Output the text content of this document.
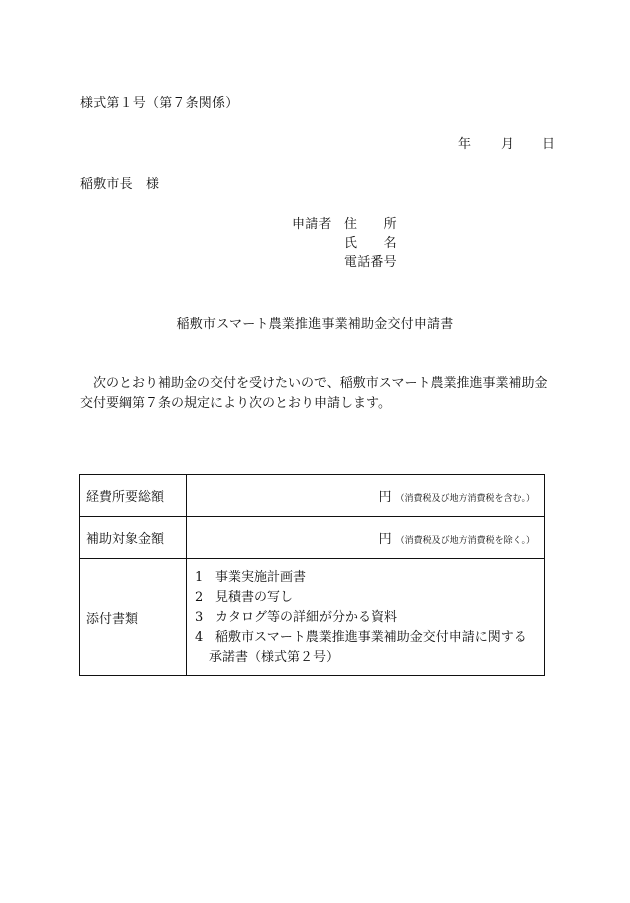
様式第１号（第７条関係）
年 月 日
稲敷市長　様
申請者 住　　所
氏　　名
電話番号
稲敷市スマート農業推進事業補助金交付申請書
次のとおり補助金の交付を受けたいので、稲敷市スマート農業推進事業補助金交付要綱第７条の規定により次のとおり申請します。
経費所要総額	円 （消費税及び地方消費税を含む。）
補助対象金額	円 （消費税及び地方消費税を除く。）
添付書類	1 事業実施計画書
2 見積書の写し
3 カタログ等の詳細が分かる資料
4 稲敷市スマート農業推進事業補助金交付申請に関する
承諾書（様式第２号）
